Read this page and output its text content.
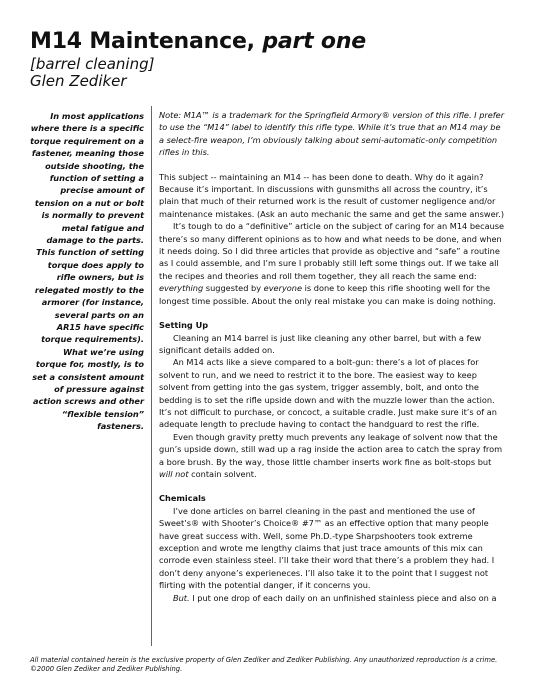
M14 Maintenance, part one
[barrel cleaning]
Glen Zediker
In most applications where there is a specific torque requirement on a fastener, meaning those outside shooting, the function of setting a precise amount of tension on a nut or bolt is normally to prevent metal fatigue and damage to the parts. This function of setting torque does apply to rifle owners, but is relegated mostly to the armorer (for instance, several parts on an AR15 have specific torque requirements). What we’re using torque for, mostly, is to set a consistent amount of pressure against action screws and other “flexible tension” fasteners.

Note: M1A™ is a trademark for the Springfield Armory® version of this rifle. I prefer to use the “M14” label to identify this rifle type. While it’s true that an M14 may be a select-fire weapon, I’m obviously talking about semi-automatic-only competition rifles in this.

This subject -- maintaining an M14 -- has been done to death. Why do it again? Because it’s important. In discussions with gunsmiths all across the country, it’s plain that much of their returned work is the result of customer negligence and/or maintenance mistakes. (Ask an auto mechanic the same and get the same answer.)

It’s tough to do a “definitive” article on the subject of caring for an M14 because there’s so many different opinions as to how and what needs to be done, and when it needs doing. So I did three articles that provide as objective and “safe” a routine as I could assemble, and I’m sure I probably still left some things out. If we take all the recipes and theories and roll them together, they all reach the same end: everything suggested by everyone is done to keep this rifle shooting well for the longest time possible. About the only real mistake you can make is doing nothing.

Setting Up

Cleaning an M14 barrel is just like cleaning any other barrel, but with a few significant details added on.

An M14 acts like a sieve compared to a bolt-gun: there’s a lot of places for solvent to run, and we need to restrict it to the bore. The easiest way to keep solvent from getting into the gas system, trigger assembly, bolt, and onto the bedding is to set the rifle upside down and with the muzzle lower than the action. It’s not difficult to purchase, or concoct, a suitable cradle. Just make sure it’s of an adequate length to preclude having to contact the handguard to rest the rifle.

Even though gravity pretty much prevents any leakage of solvent now that the gun’s upside down, still wad up a rag inside the action area to catch the spray from a bore brush. By the way, those little chamber inserts work fine as bolt-stops but will not contain solvent.

Chemicals

I’ve done articles on barrel cleaning in the past and mentioned the use of Sweet’s® with Shooter’s Choice® #7™ as an effective option that many people have great success with. Well, some Ph.D.-type Sharpshooters took extreme exception and wrote me lengthy claims that just trace amounts of this mix can corrode even stainless steel. I’ll take their word that there’s a problem they had. I don’t deny anyone’s experieneces. I’ll also take it to the point that I suggest not flirting with the potential danger, if it concerns you.

But. I put one drop of each daily on an unfinished stainless piece and also on a

All material contained herein is the exclusive property of Glen Zediker and Zediker Publishing. Any unauthorized reproduction is a crime. ©2000 Glen Zediker and Zediker Publishing.
